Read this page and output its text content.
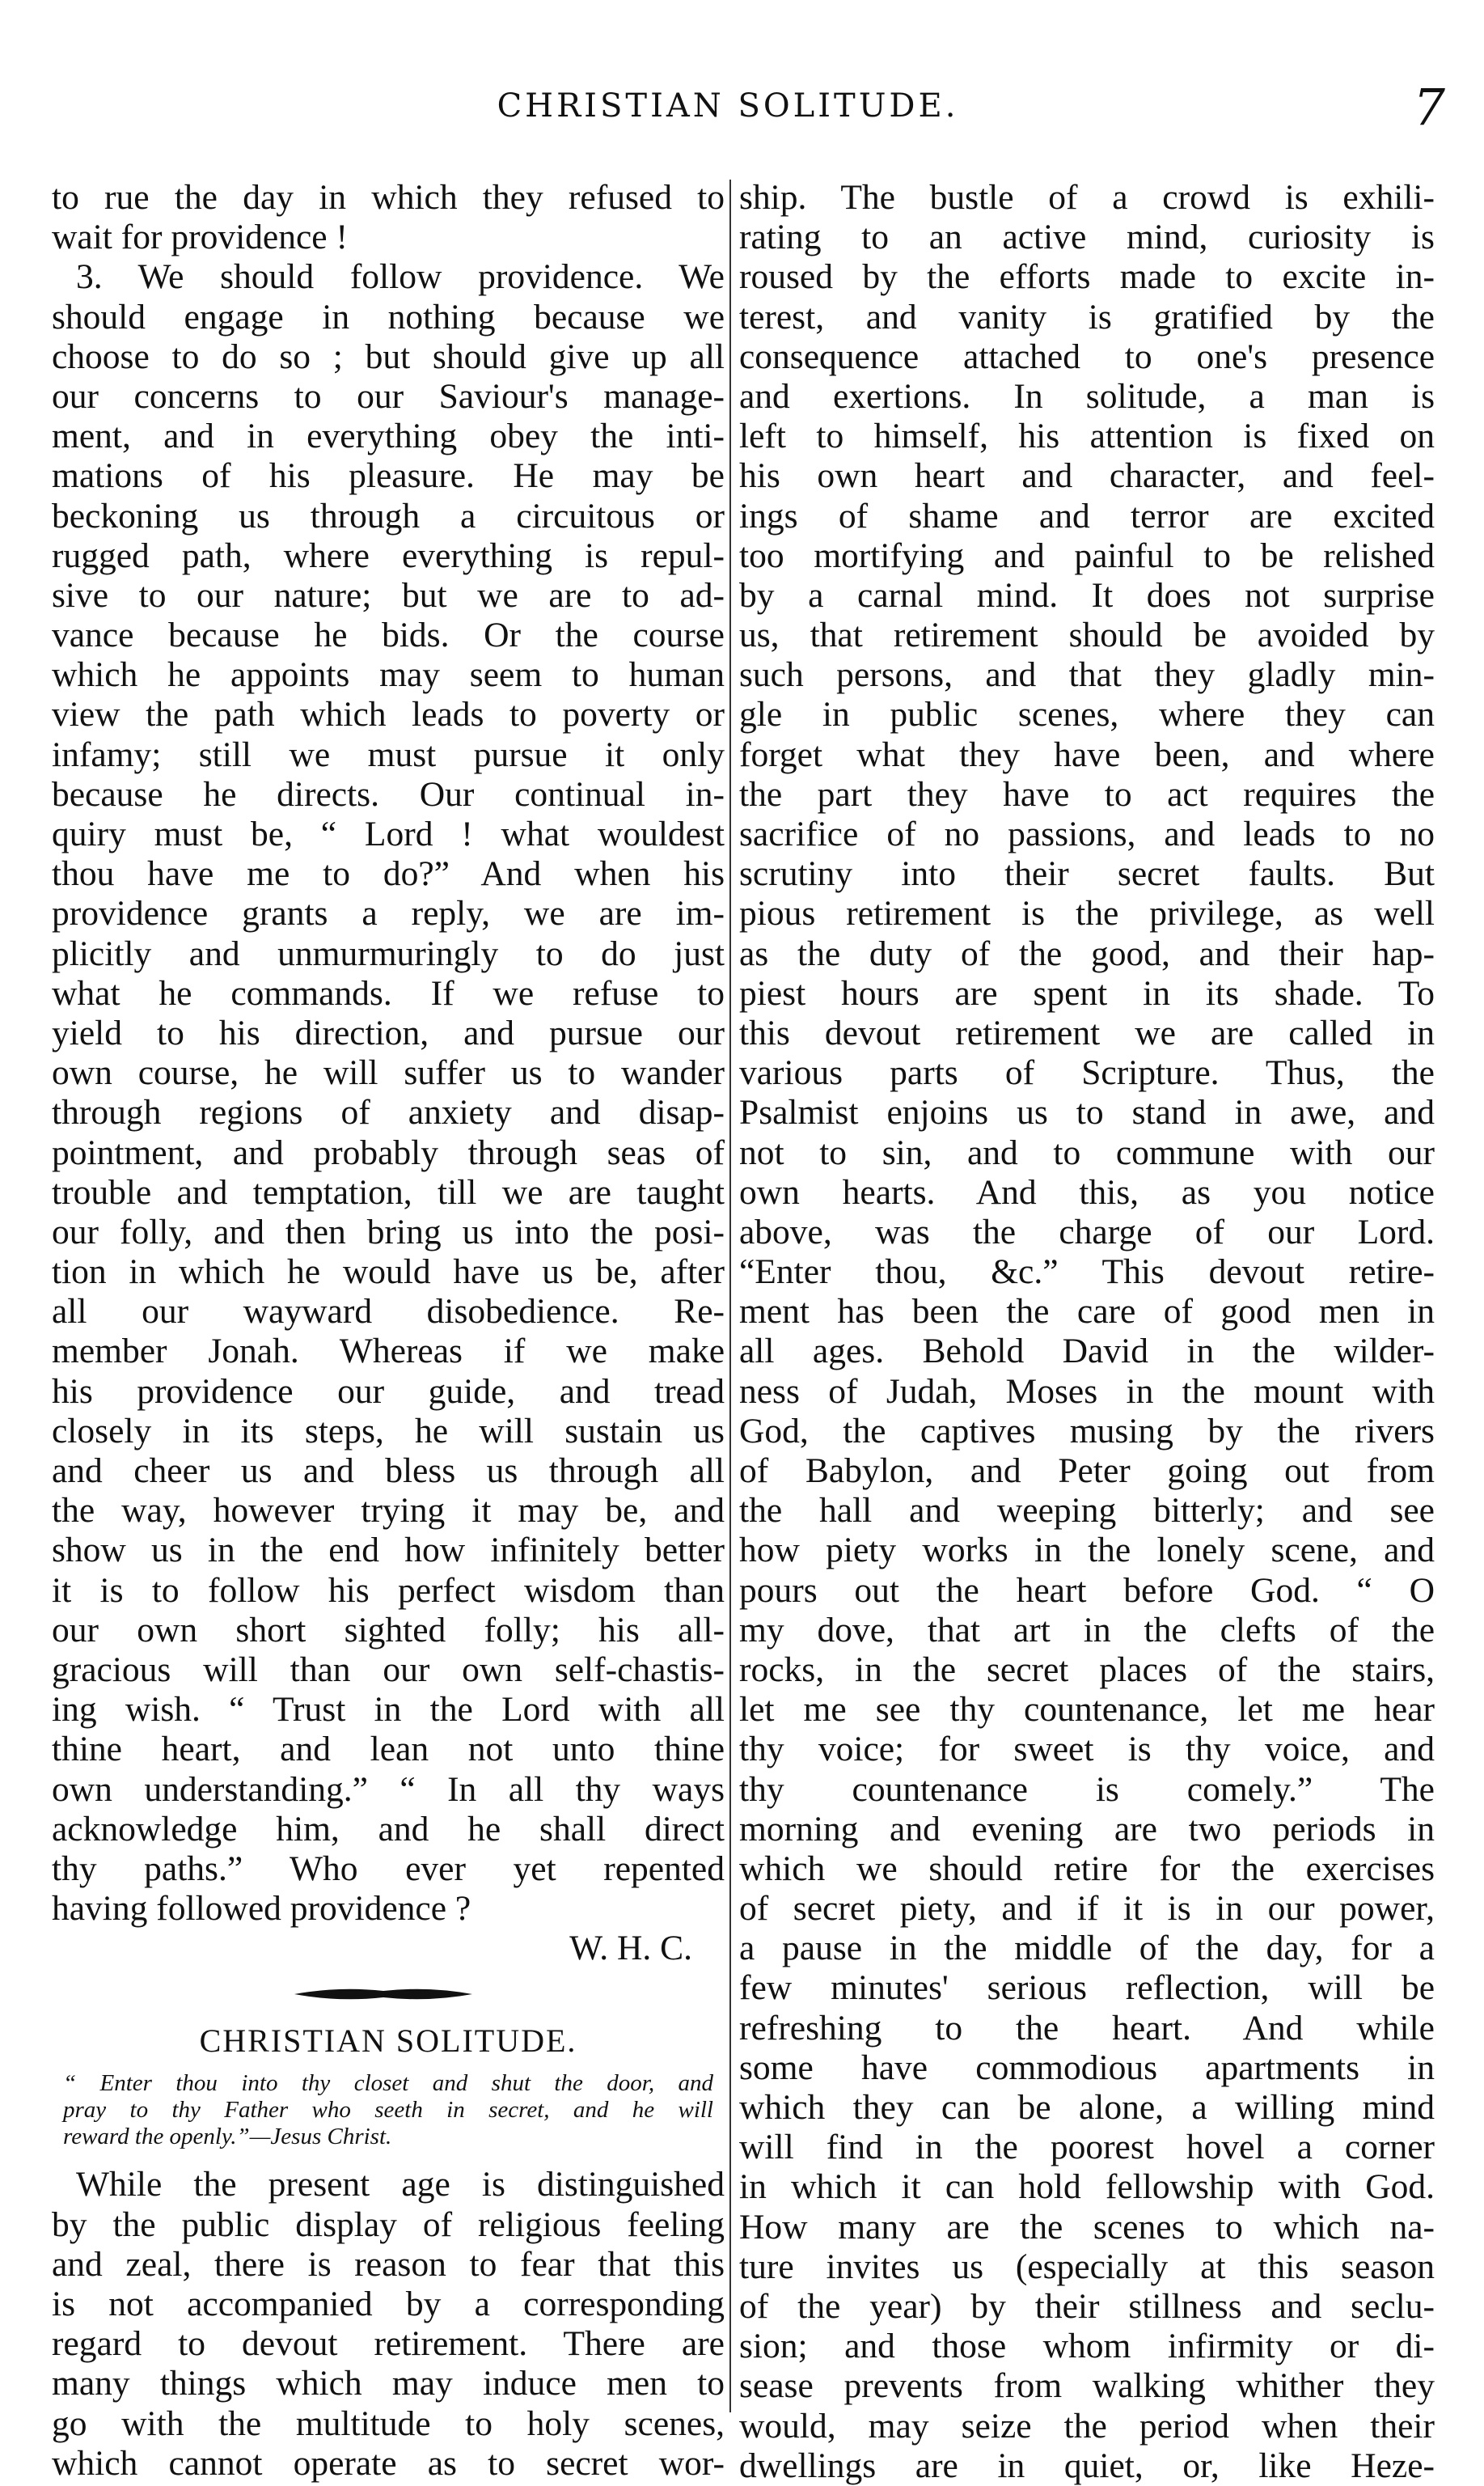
CHRISTIAN SOLITUDE.	7
to rue the day in which they refused to
wait for providence !
3. We should follow providence. We
should engage in nothing because we
choose to do so ; but should give up all
our concerns to our Saviour's manage-
ment, and in everything obey the inti-
mations of his pleasure. He may be
beckoning us through a circuitous or
rugged path, where everything is repul-
sive to our nature; but we are to ad-
vance because he bids. Or the course
which he appoints may seem to human
view the path which leads to poverty or
infamy; still we must pursue it only
because he directs. Our continual in-
quiry must be, “ Lord ! what wouldest
thou have me to do?” And when his
providence grants a reply, we are im-
plicitly and unmurmuringly to do just
what he commands. If we refuse to
yield to his direction, and pursue our
own course, he will suffer us to wander
through regions of anxiety and disap-
pointment, and probably through seas of
trouble and temptation, till we are taught
our folly, and then bring us into the posi-
tion in which he would have us be, after
all our wayward disobedience. Re-
member Jonah. Whereas if we make
his providence our guide, and tread
closely in its steps, he will sustain us
and cheer us and bless us through all
the way, however trying it may be, and
show us in the end how infinitely better
it is to follow his perfect wisdom than
our own short sighted folly; his all-
gracious will than our own self-chastis-
ing wish. “ Trust in the Lord with all
thine heart, and lean not unto thine
own understanding.” “ In all thy ways
acknowledge him, and he shall direct
thy paths.” Who ever yet repented
having followed providence ?
W. H. C.
CHRISTIAN SOLITUDE.
“ Enter thou into thy closet and shut the door, and
pray to thy Father who seeth in secret, and he will
reward the openly.”—Jesus Christ.
While the present age is distinguished
by the public display of religious feeling
and zeal, there is reason to fear that this
is not accompanied by a corresponding
regard to devout retirement. There are
many things which may induce men to
go with the multitude to holy scenes,
which cannot operate as to secret wor-
ship. The bustle of a crowd is exhili-
rating to an active mind, curiosity is
roused by the efforts made to excite in-
terest, and vanity is gratified by the
consequence attached to one's presence
and exertions. In solitude, a man is
left to himself, his attention is fixed on
his own heart and character, and feel-
ings of shame and terror are excited
too mortifying and painful to be relished
by a carnal mind. It does not surprise
us, that retirement should be avoided by
such persons, and that they gladly min-
gle in public scenes, where they can
forget what they have been, and where
the part they have to act requires the
sacrifice of no passions, and leads to no
scrutiny into their secret faults. But
pious retirement is the privilege, as well
as the duty of the good, and their hap-
piest hours are spent in its shade. To
this devout retirement we are called in
various parts of Scripture. Thus, the
Psalmist enjoins us to stand in awe, and
not to sin, and to commune with our
own hearts. And this, as you notice
above, was the charge of our Lord.
“Enter thou, &c.” This devout retire-
ment has been the care of good men in
all ages. Behold David in the wilder-
ness of Judah, Moses in the mount with
God, the captives musing by the rivers
of Babylon, and Peter going out from
the hall and weeping bitterly; and see
how piety works in the lonely scene, and
pours out the heart before God. “ O
my dove, that art in the clefts of the
rocks, in the secret places of the stairs,
let me see thy countenance, let me hear
thy voice; for sweet is thy voice, and
thy countenance is comely.” The
morning and evening are two periods in
which we should retire for the exercises
of secret piety, and if it is in our power,
a pause in the middle of the day, for a
few minutes' serious reflection, will be
refreshing to the heart. And while
some have commodious apartments in
which they can be alone, a willing mind
will find in the poorest hovel a corner
in which it can hold fellowship with God.
How many are the scenes to which na-
ture invites us (especially at this season
of the year) by their stillness and seclu-
sion; and those whom infirmity or di-
sease prevents from walking whither they
would, may seize the period when their
dwellings are in quiet, or, like Heze-
